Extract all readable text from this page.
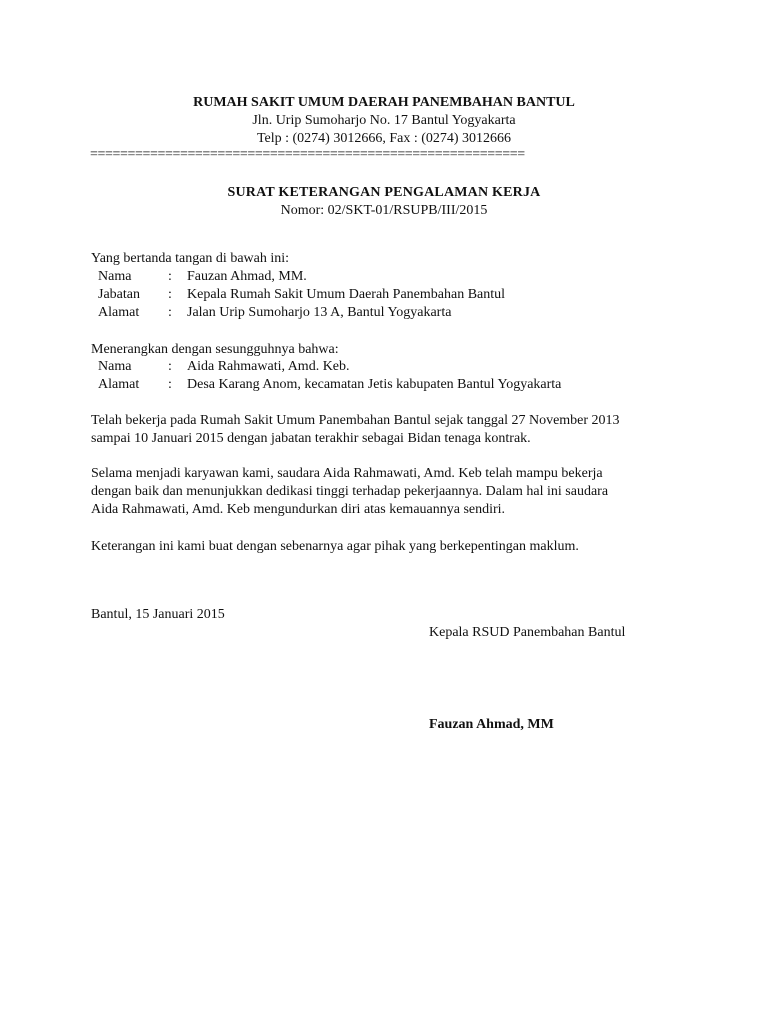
RUMAH SAKIT UMUM DAERAH PANEMBAHAN BANTUL
Jln. Urip Sumoharjo No. 17 Bantul Yogyakarta
Telp : (0274) 3012666, Fax : (0274) 3012666
==========================================================
SURAT KETERANGAN PENGALAMAN KERJA
Nomor: 02/SKT-01/RSUPB/III/2015
Yang bertanda tangan di bawah ini:
Nama	: Fauzan Ahmad, MM.
Jabatan : Kepala Rumah Sakit Umum Daerah Panembahan Bantul
Alamat : Jalan Urip Sumoharjo 13 A, Bantul Yogyakarta
Menerangkan dengan sesungguhnya bahwa:
Nama	: Aida Rahmawati, Amd. Keb.
Alamat : Desa Karang Anom, kecamatan Jetis kabupaten Bantul Yogyakarta
Telah bekerja pada Rumah Sakit Umum Panembahan Bantul sejak tanggal 27 November 2013
sampai 10 Januari 2015 dengan jabatan terakhir sebagai Bidan tenaga kontrak.
Selama menjadi karyawan kami, saudara Aida Rahmawati, Amd. Keb telah mampu bekerja
dengan baik dan menunjukkan dedikasi tinggi terhadap pekerjaannya. Dalam hal ini saudara
Aida Rahmawati, Amd. Keb mengundurkan diri atas kemauannya sendiri.
Keterangan ini kami buat dengan sebenarnya agar pihak yang berkepentingan maklum.
Bantul, 15 Januari 2015
Kepala RSUD Panembahan Bantul
Fauzan Ahmad, MM
